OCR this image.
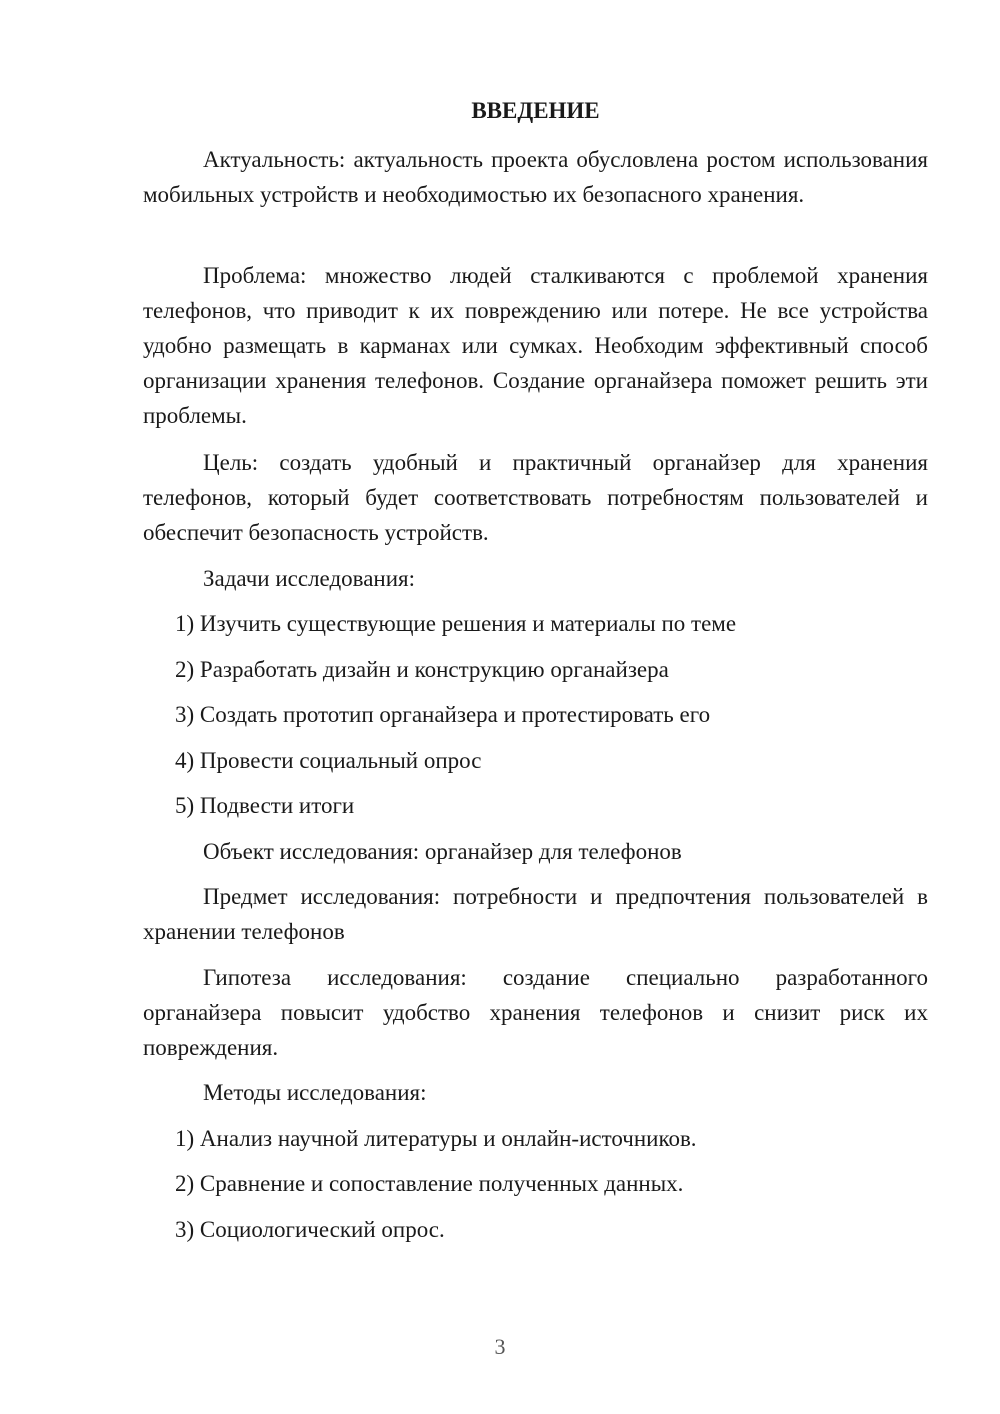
ВВЕДЕНИЕ

Актуальность: актуальность проекта обусловлена ростом использования мобильных устройств и необходимостью их безопасного хранения.

Проблема: множество людей сталкиваются с проблемой хранения телефонов, что приводит к их повреждению или потере. Не все устройства удобно размещать в карманах или сумках. Необходим эффективный способ организации хранения телефонов. Создание органайзера поможет решить эти проблемы.

Цель: создать удобный и практичный органайзер для хранения телефонов, который будет соответствовать потребностям пользователей и обеспечит безопасность устройств.

Задачи исследования:

1) Изучить существующие решения и материалы по теме

2) Разработать дизайн и конструкцию органайзера

3) Создать прототип органайзера и протестировать его

4) Провести социальный опрос

5) Подвести итоги

Объект исследования: органайзер для телефонов

Предмет исследования: потребности и предпочтения пользователей в хранении телефонов

Гипотеза исследования: создание специально разработанного органайзера повысит удобство хранения телефонов и снизит риск их повреждения.

Методы исследования:

1) Анализ научной литературы и онлайн-источников.

2) Сравнение и сопоставление полученных данных.

3) Социологический опрос.

3
